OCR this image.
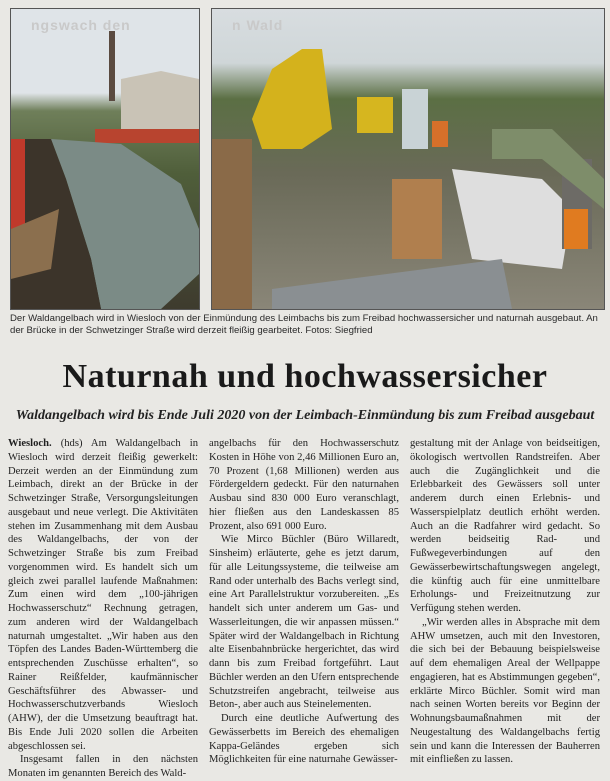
ngswach den	n Wald
Der Waldangelbach wird in Wiesloch von der Einmündung des Leimbachs bis zum Freibad hochwassersicher und naturnah ausgebaut. An der Brücke in der Schwetzinger Straße wird derzeit fleißig gearbeitet. Fotos: Siegfried
Naturnah und hochwassersicher
Waldangelbach wird bis Ende Juli 2020 von der Leimbach-Einmündung bis zum Freibad ausgebaut

Wiesloch. (hds) Am Waldangelbach in Wiesloch wird derzeit fleißig gewerkelt: Derzeit werden an der Einmündung zum Leimbach, direkt an der Brücke in der Schwetzinger Straße, Versorgungsleitungen ausgebaut und neue verlegt. Die Aktivitäten stehen im Zusammenhang mit dem Ausbau des Waldangelbachs, der von der Schwetzinger Straße bis zum Freibad vorgenommen wird. Es handelt sich um gleich zwei parallel laufende Maßnahmen: Zum einen wird dem „100-jährigen Hochwasserschutz“ Rechnung getragen, zum anderen wird der Waldangelbach naturnah umgestaltet. „Wir haben aus den Töpfen des Landes Baden-Württemberg die entsprechenden Zuschüsse erhalten“, so Rainer Reißfelder, kaufmännischer Geschäftsführer des Abwasser- und Hochwasserschutzverbands Wiesloch (AHW), der die Umsetzung beauftragt hat. Bis Ende Juli 2020 sollen die Arbeiten abgeschlossen sei.

Insgesamt fallen in den nächsten Monaten im genannten Bereich des Wald-

angelbachs für den Hochwasserschutz Kosten in Höhe von 2,46 Millionen Euro an, 70 Prozent (1,68 Millionen) werden aus Fördergeldern gedeckt. Für den naturnahen Ausbau sind 830 000 Euro veranschlagt, hier fließen aus den Landeskassen 85 Prozent, also 691 000 Euro.

Wie Mirco Büchler (Büro Willaredt, Sinsheim) erläuterte, gehe es jetzt darum, für alle Leitungssysteme, die teilweise am Rand oder unterhalb des Bachs verlegt sind, eine Art Parallelstruktur vorzubereiten. „Es handelt sich unter anderem um Gas- und Wasserleitungen, die wir anpassen müssen.“ Später wird der Waldangelbach in Richtung alte Eisenbahnbrücke hergerichtet, das wird dann bis zum Freibad fortgeführt. Laut Büchler werden an den Ufern entsprechende Schutzstreifen angebracht, teilweise aus Beton-, aber auch aus Steinelementen.

Durch eine deutliche Aufwertung des Gewässerbetts im Bereich des ehemaligen Kappa-Geländes ergeben sich Möglichkeiten für eine naturnahe Gewässer-

gestaltung mit der Anlage von beidseitigen, ökologisch wertvollen Randstreifen. Aber auch die Zugänglichkeit und die Erlebbarkeit des Gewässers soll unter anderem durch einen Erlebnis- und Wasserspielplatz deutlich erhöht werden. Auch an die Radfahrer wird gedacht. So werden beidseitig Rad- und Fußwegeverbindungen auf den Gewässerbewirtschaftungswegen angelegt, die künftig auch für eine unmittelbare Erholungs- und Freizeitnutzung zur Verfügung stehen werden.

„Wir werden alles in Absprache mit dem AHW umsetzen, auch mit den Investoren, die sich bei der Bebauung beispielsweise auf dem ehemaligen Areal der Wellpappe engagieren, hat es Abstimmungen gegeben“, erklärte Mirco Büchler. Somit wird man nach seinen Worten bereits vor Beginn der Wohnungsbaumaßnahmen mit der Neugestaltung des Waldangelbachs fertig sein und kann die Interessen der Bauherren mit einfließen zu lassen.
